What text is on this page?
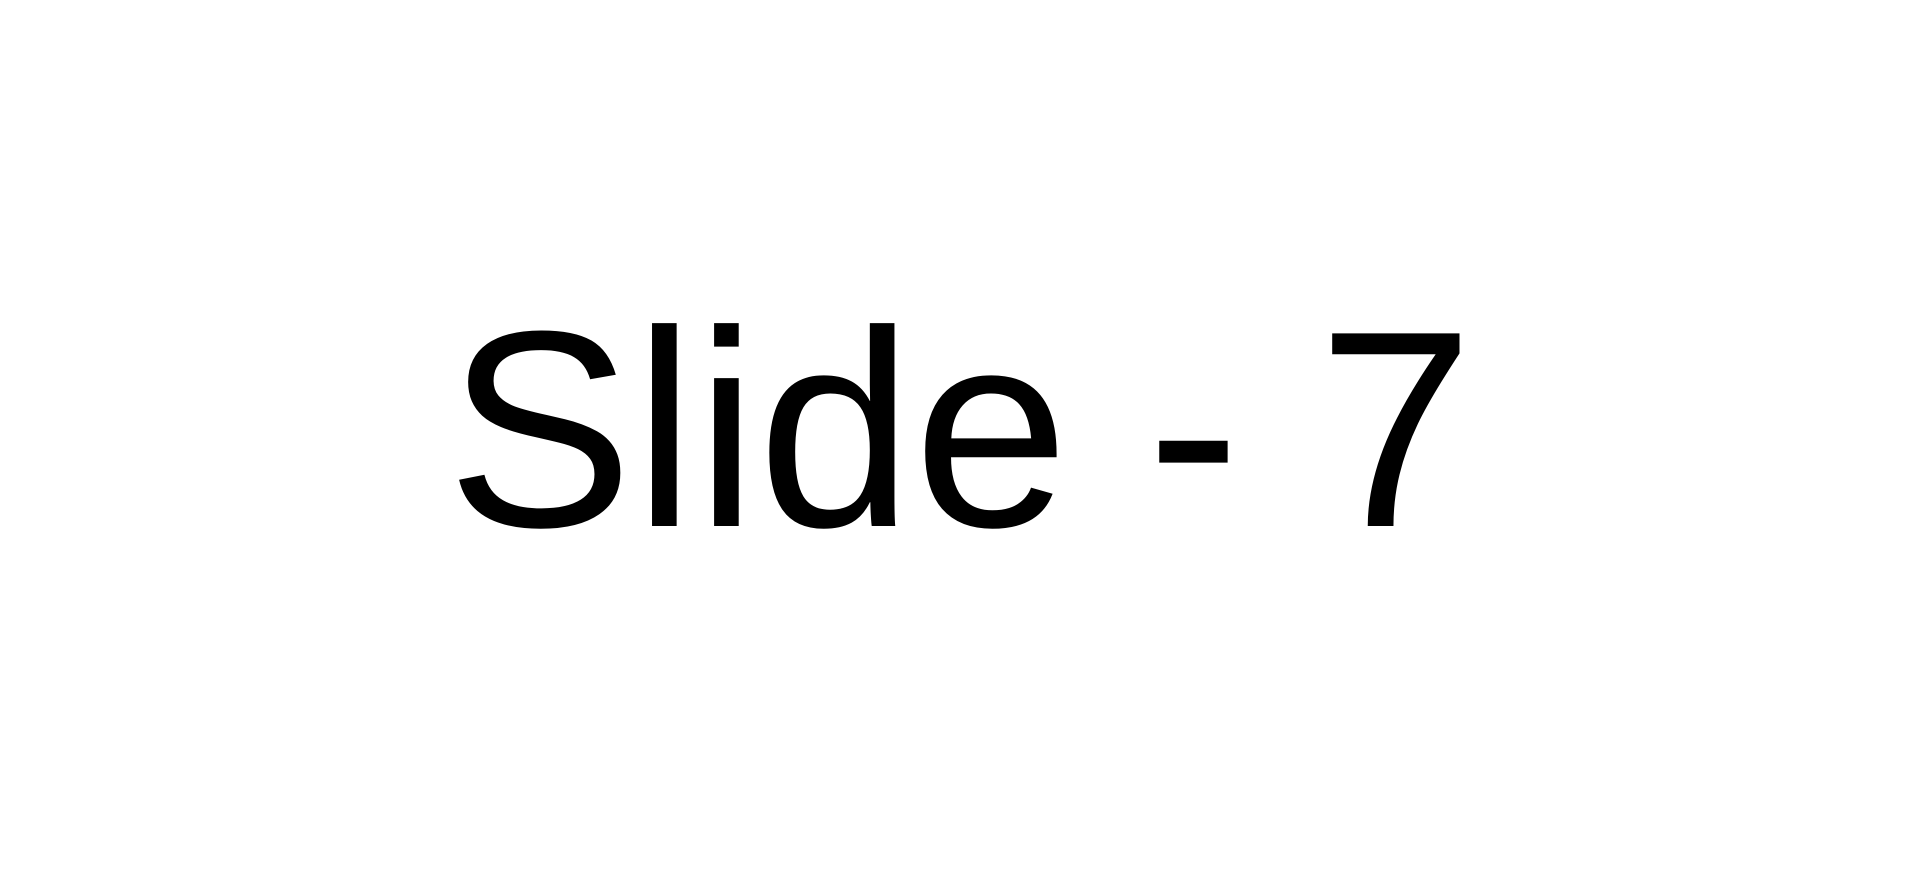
Slide - 7
